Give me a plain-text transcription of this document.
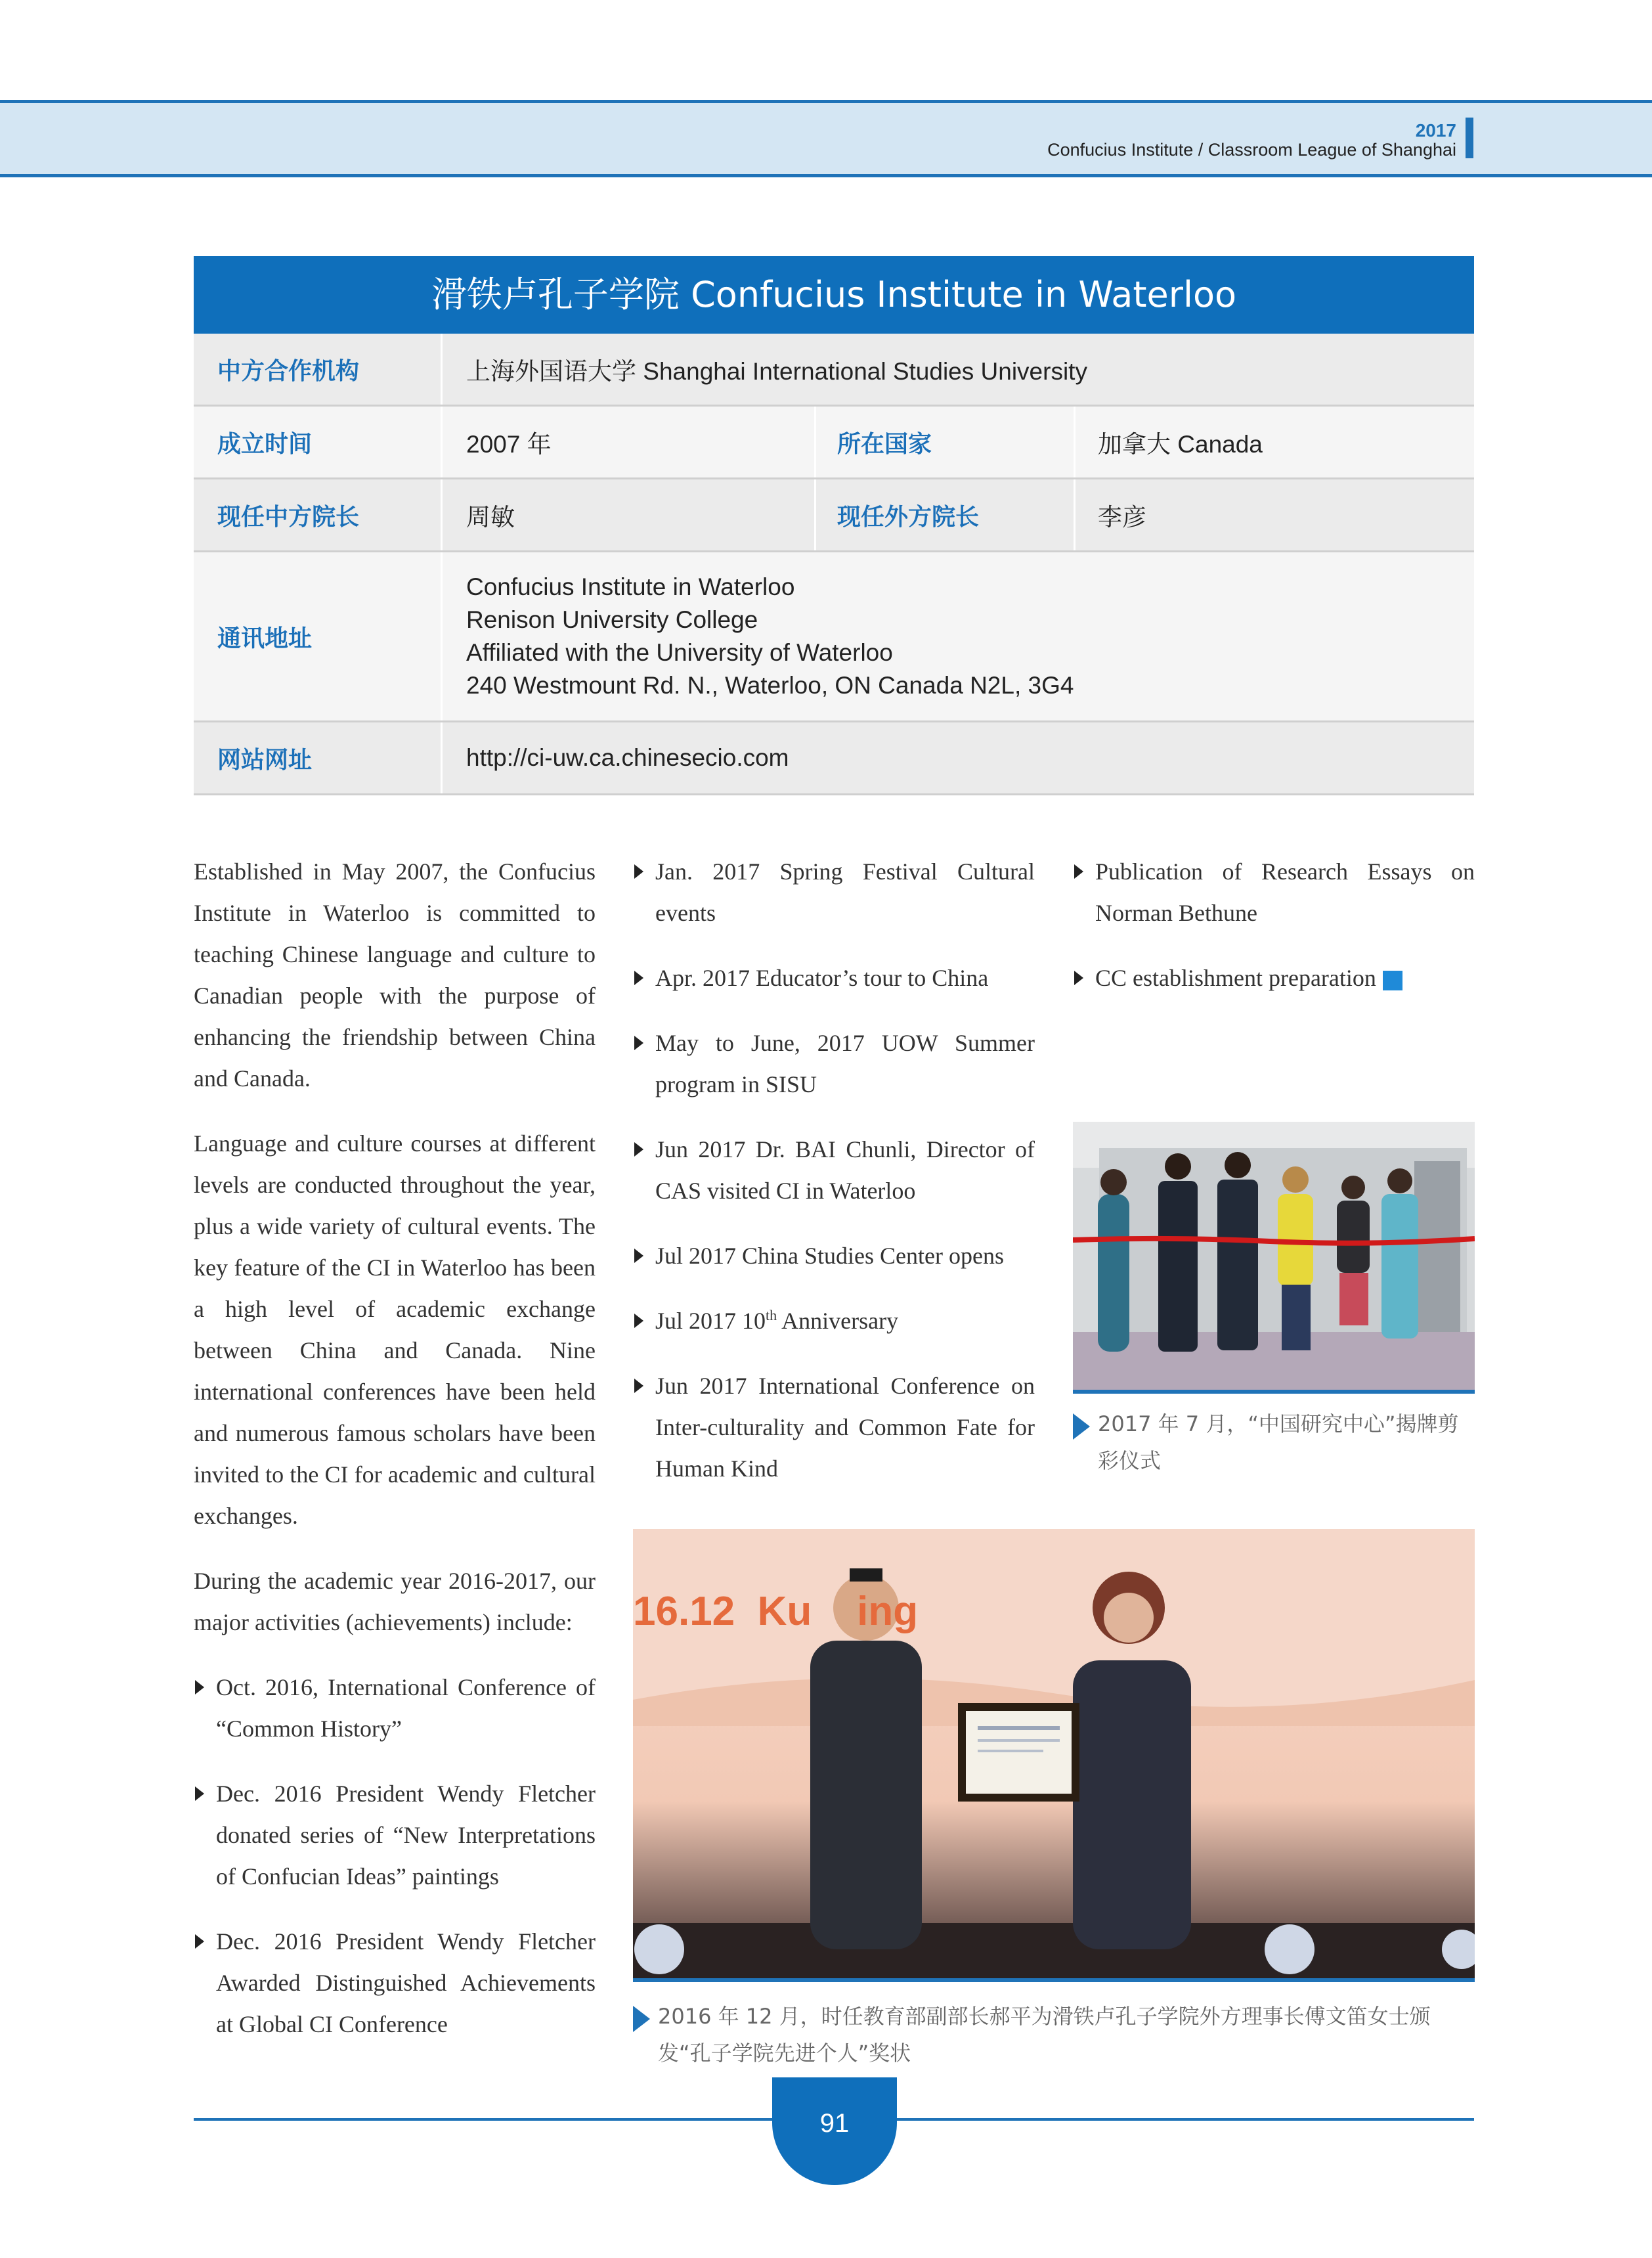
2017
Confucius Institute / Classroom League of Shanghai
滑铁卢孔子学院 Confucius Institute in Waterloo
中方合作机构	上海外国语大学 Shanghai International Studies University
成立时间	2007 年	所在国家	加拿大 Canada
现任中方院长	周敏	现任外方院长	李彦
通讯地址
Confucius Institute in Waterloo
Renison University College
Affiliated with the University of Waterloo
240 Westmount Rd. N., Waterloo, ON Canada N2L, 3G4
网站网址	http://ci-uw.ca.chinesecio.com

Established in May 2007, the Confucius Institute in Waterloo is committed to teaching Chinese language and culture to Canadian people with the purpose of enhancing the friendship between China and Canada.

Language and culture courses at different levels are conducted throughout the year, plus a wide variety of cultural events. The key feature of the CI in Waterloo has been a high level of academic exchange between China and Canada. Nine international conferences have been held and numerous famous scholars have been invited to the CI for academic and cultural exchanges.

During the academic year 2016-2017, our major activities (achievements) include:

Oct. 2016, International Conference of “Common History”
Dec. 2016 President Wendy Fletcher donated series of “New Interpretations of Confucian Ideas” paintings
Dec. 2016 President Wendy Fletcher Awarded Distinguished Achievements at Global CI Conference
Jan. 2017 Spring Festival Cultural events
Apr. 2017 Educator’s tour to China
May to June, 2017 UOW Summer program in SISU
Jun 2017 Dr. BAI Chunli, Director of CAS visited CI in Waterloo
Jul 2017 China Studies Center opens
Jul 2017 10th Anniversary
Jun 2017 International Conference on Inter-culturality and Common Fate for Human Kind
Publication of Research Essays on Norman Bethune
CC establishment preparation
2017 年 7 月，“中国研究中心”揭牌剪彩仪式
16.12  Ku    ing
2016 年 12 月，时任教育部副部长郝平为滑铁卢孔子学院外方理事长傅文笛女士颁发“孔子学院先进个人”奖状
91
